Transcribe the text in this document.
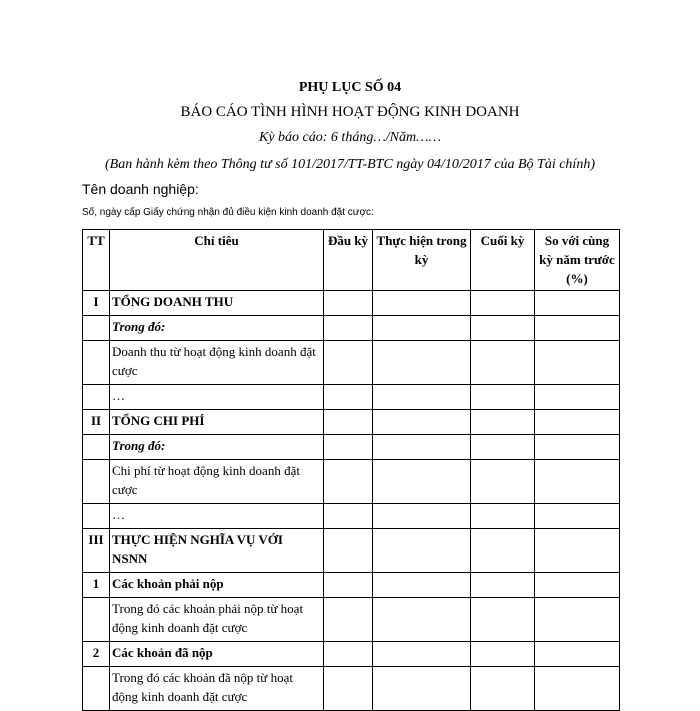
PHỤ LỤC SỐ 04
BÁO CÁO TÌNH HÌNH HOẠT ĐỘNG KINH DOANH
Kỳ báo cáo: 6 tháng…/Năm……
(Ban hành kèm theo Thông tư số 101/2017/TT-BTC ngày 04/10/2017 của Bộ Tài chính)
Tên doanh nghiệp:
Số, ngày cấp Giấy chứng nhận đủ điều kiện kinh doanh đặt cược:
TT	Chỉ tiêu	Đầu kỳ	Thực hiện trong kỳ	Cuối kỳ	So với cùng kỳ năm trước (%)
I	TỔNG DOANH THU				
	Trong đó:				
	Doanh thu từ hoạt động kinh doanh đặt cược				
	…				
II	TỔNG CHI PHÍ				
	Trong đó:				
	Chi phí từ hoạt động kinh doanh đặt cược				
	…				
III	THỰC HIỆN NGHĨA VỤ VỚI NSNN				
1	Các khoản phải nộp				
	Trong đó các khoản phải nộp từ hoạt động kinh doanh đặt cược				
2	Các khoản đã nộp				
	Trong đó các khoản đã nộp từ hoạt động kinh doanh đặt cược				
